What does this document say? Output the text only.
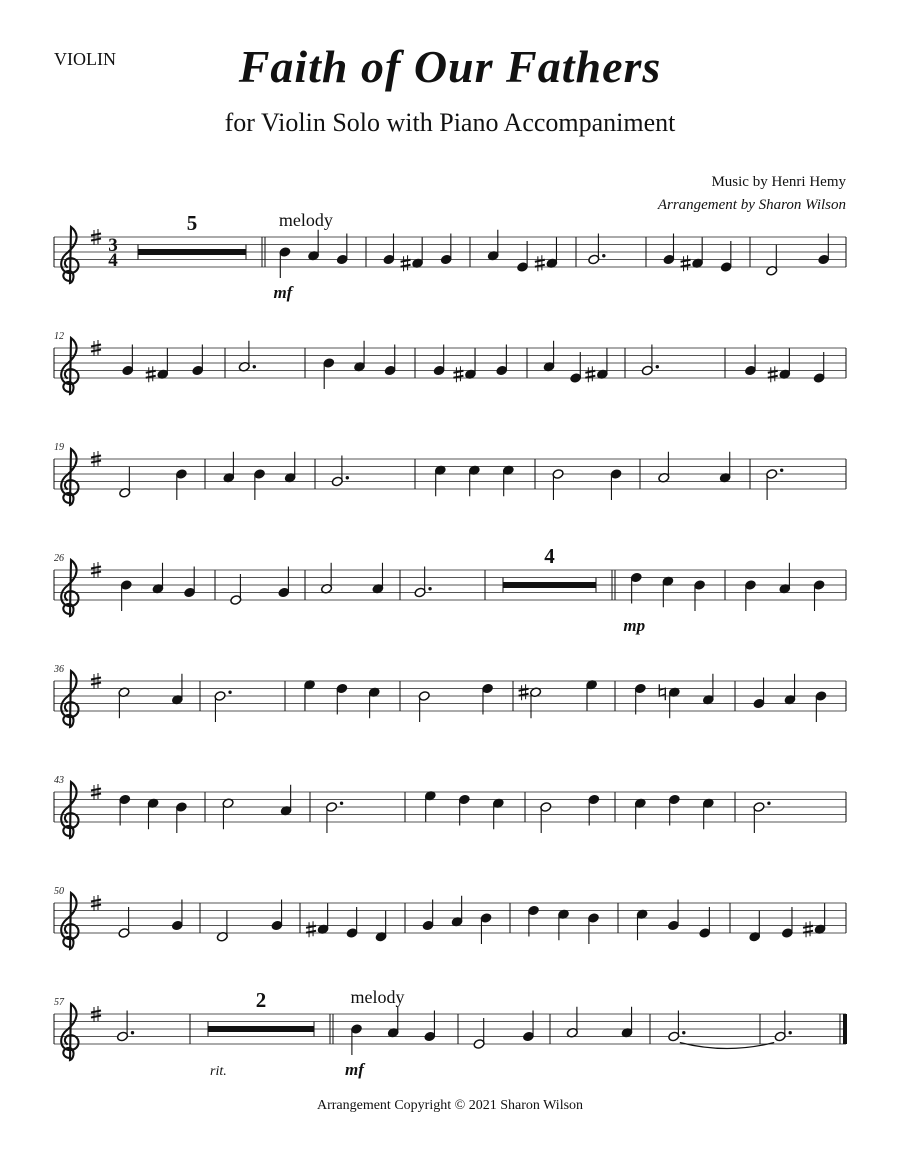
VIOLIN	Faith of Our Fathers
for Violin Solo with Piano Accompaniment
Music by Henri Hemy
Arrangement by Sharon Wilson
3
4
5	melody
mf
12
19
26	4
mp
36
43
50
57	2
rit.
melody
mf
Arrangement Copyright © 2021 Sharon Wilson
